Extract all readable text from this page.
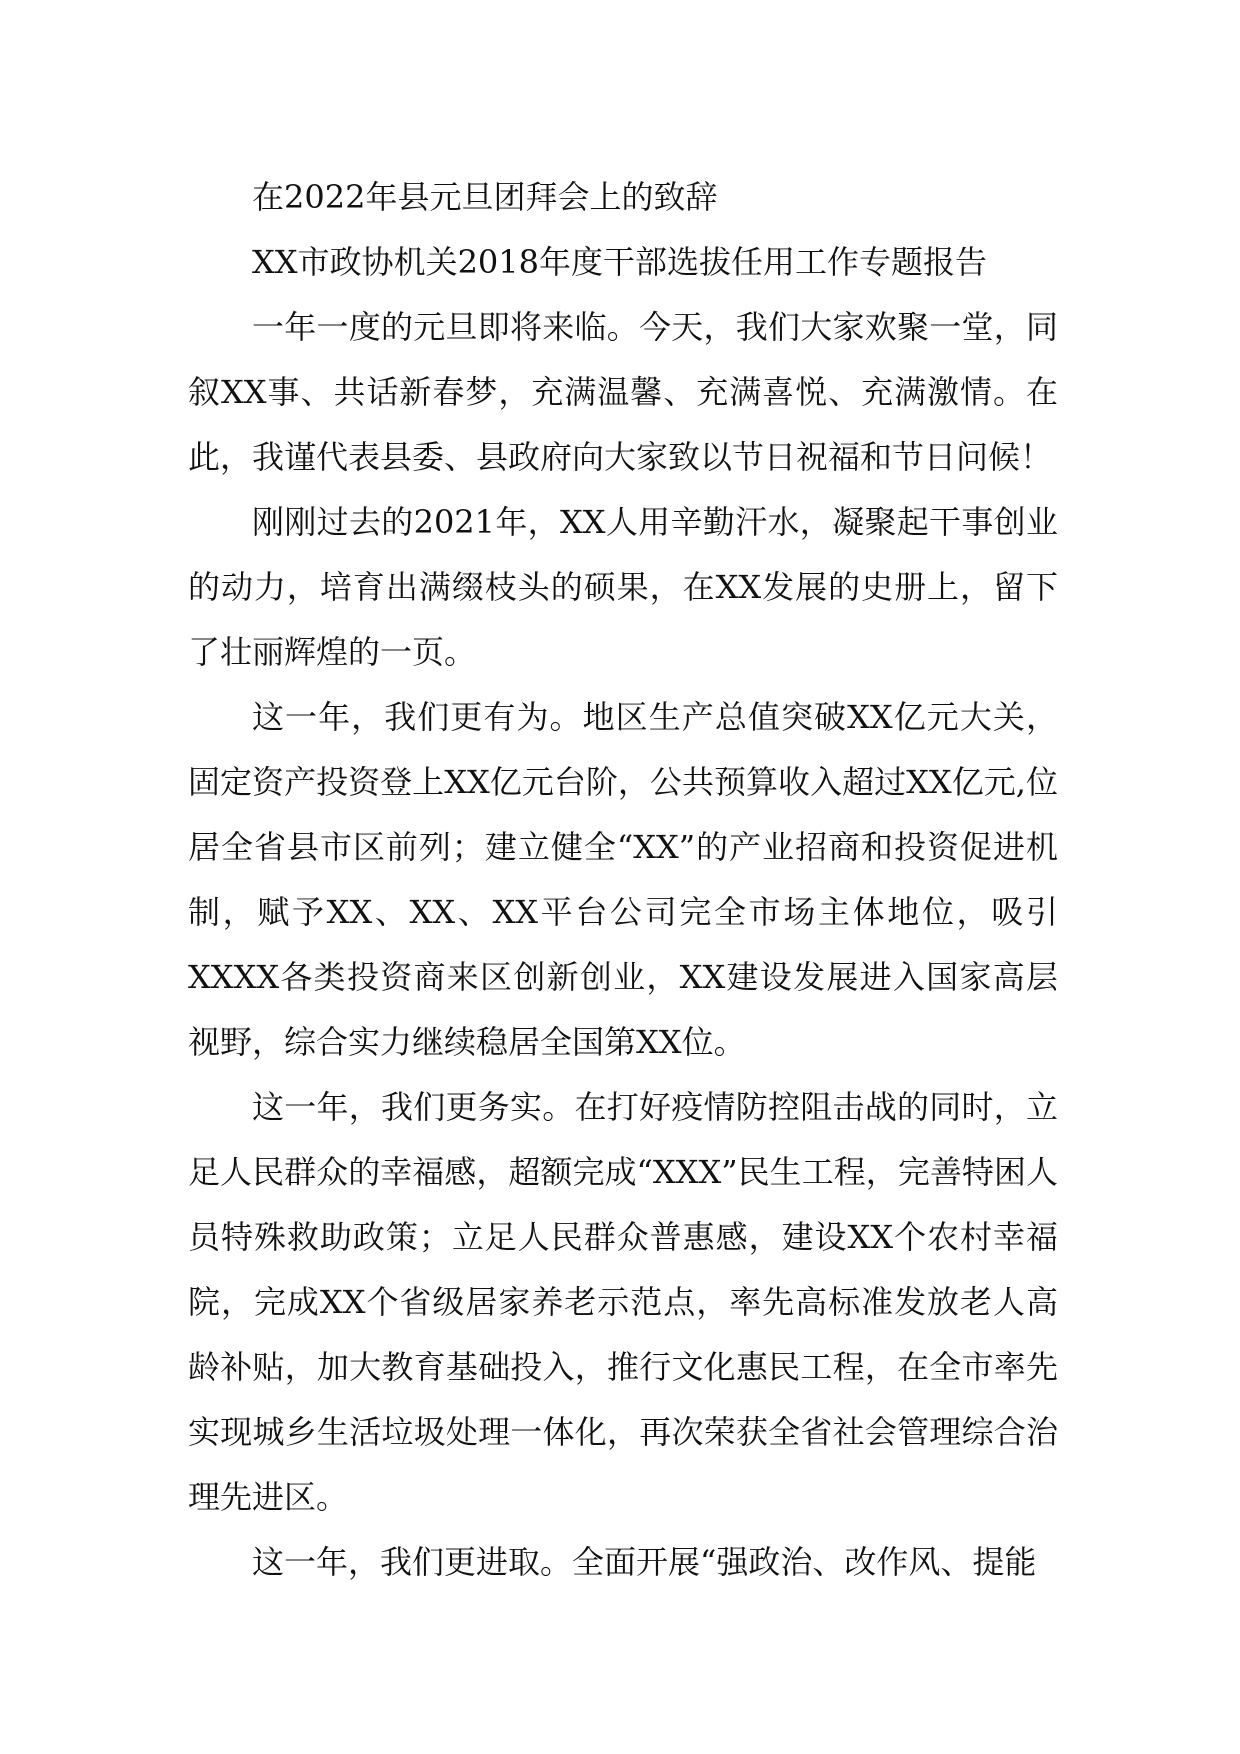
在2022年县元旦团拜会上的致辞

XX市政协机关2018年度干部选拔任用工作专题报告

一年一度的元旦即将来临。今天，我们大家欢聚一堂，同叙XX事、共话新春梦，充满温馨、充满喜悦、充满激情。在此，我谨代表县委、县政府向大家致以节日祝福和节日问候！

刚刚过去的2021年，XX人用辛勤汗水，凝聚起干事创业的动力，培育出满缀枝头的硕果，在XX发展的史册上，留下了壮丽辉煌的一页。

这一年，我们更有为。地区生产总值突破XX亿元大关，固定资产投资登上XX亿元台阶，公共预算收入超过XX亿元,位居全省县市区前列；建立健全“XX”的产业招商和投资促进机制，赋予XX、XX、XX平台公司完全市场主体地位，吸引XXXX各类投资商来区创新创业，XX建设发展进入国家高层视野，综合实力继续稳居全国第XX位。

这一年，我们更务实。在打好疫情防控阻击战的同时，立足人民群众的幸福感，超额完成“XXX”民生工程，完善特困人员特殊救助政策；立足人民群众普惠感，建设XX个农村幸福院，完成XX个省级居家养老示范点，率先高标准发放老人高龄补贴，加大教育基础投入，推行文化惠民工程，在全市率先实现城乡生活垃圾处理一体化，再次荣获全省社会管理综合治理先进区。

这一年，我们更进取。全面开展“强政治、改作风、提能
